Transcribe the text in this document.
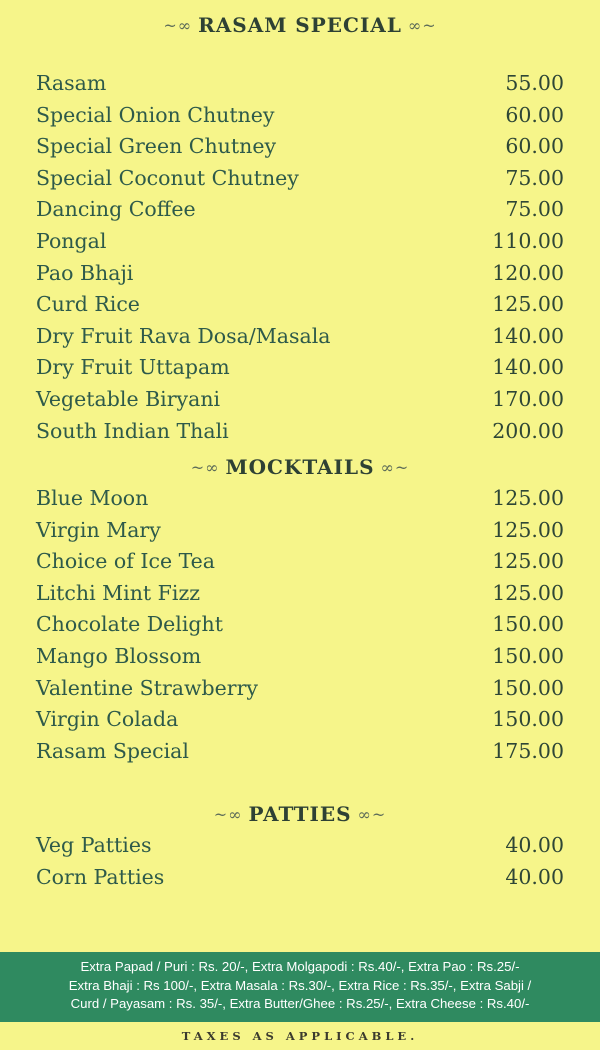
~∞ RASAM SPECIAL ∞~
Rasam	55.00
Special Onion Chutney	60.00
Special Green Chutney	60.00
Special Coconut Chutney	75.00
Dancing Coffee	75.00
Pongal	110.00
Pao Bhaji	120.00
Curd Rice	125.00
Dry Fruit Rava Dosa/Masala	140.00
Dry Fruit Uttapam	140.00
Vegetable Biryani	170.00
South Indian Thali	200.00
~∞ MOCKTAILS ∞~
Blue Moon	125.00
Virgin Mary	125.00
Choice of Ice Tea	125.00
Litchi Mint Fizz	125.00
Chocolate Delight	150.00
Mango Blossom	150.00
Valentine Strawberry	150.00
Virgin Colada	150.00
Rasam Special	175.00
~∞ PATTIES ∞~
Veg Patties	40.00
Corn Patties	40.00
Extra Papad / Puri : Rs. 20/-, Extra Molgapodi : Rs.40/-, Extra Pao : Rs.25/-
Extra Bhaji : Rs 100/-, Extra Masala : Rs.30/-, Extra Rice : Rs.35/-, Extra Sabji /
Curd / Payasam : Rs. 35/-, Extra Butter/Ghee : Rs.25/-, Extra Cheese : Rs.40/-
TAXES AS APPLICABLE.
